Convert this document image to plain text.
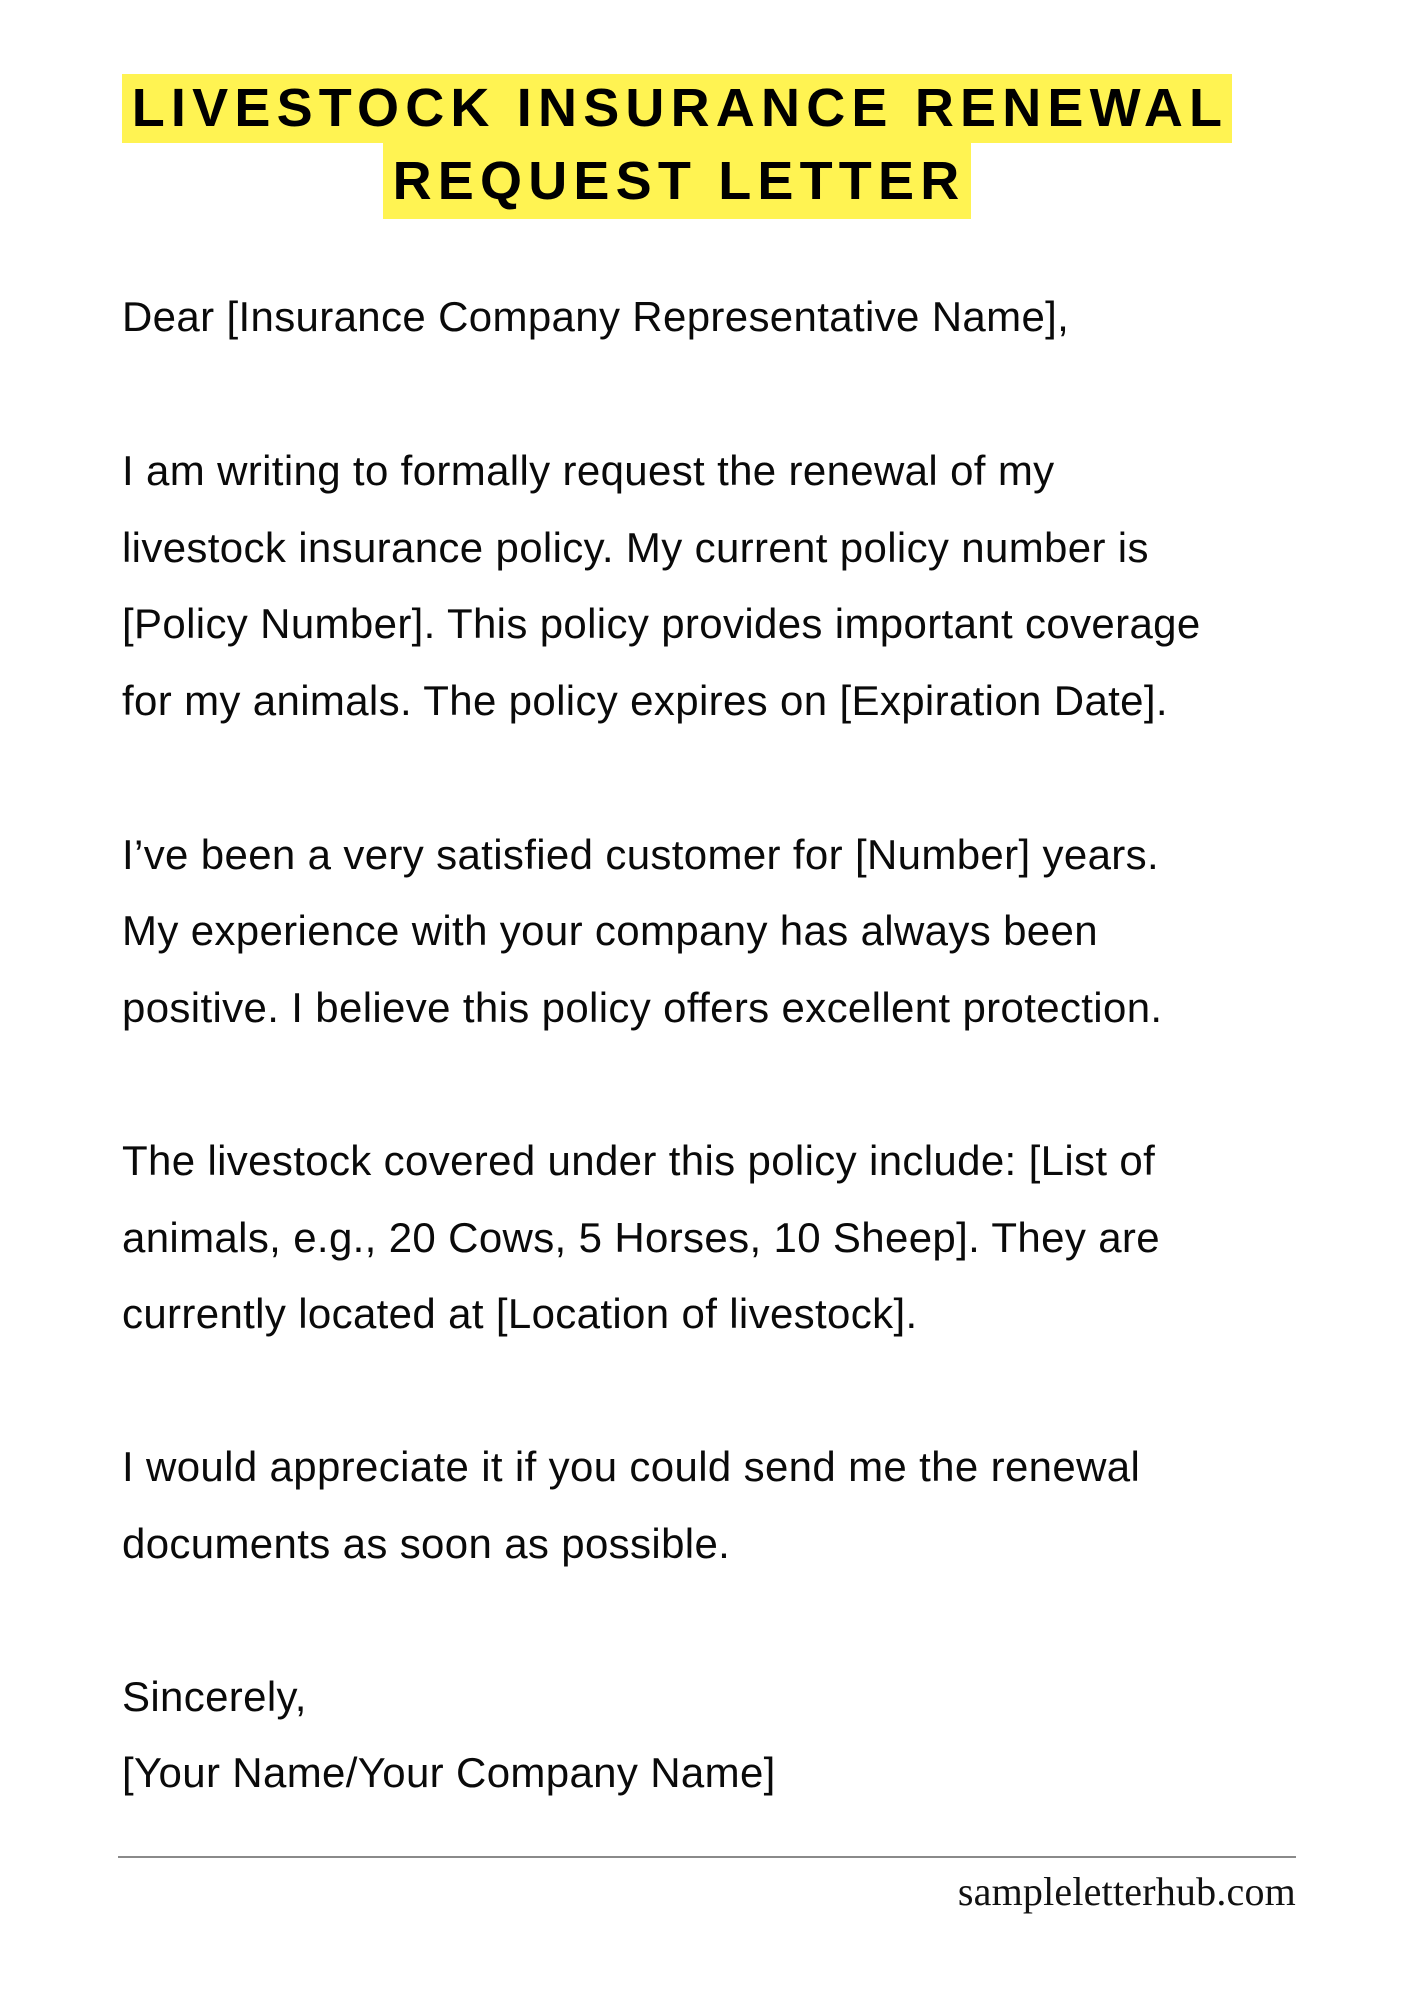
LIVESTOCK INSURANCE RENEWAL
REQUEST LETTER
Dear [Insurance Company Representative Name],
I am writing to formally request the renewal of my
livestock insurance policy. My current policy number is
[Policy Number]. This policy provides important coverage
for my animals. The policy expires on [Expiration Date].
I’ve been a very satisfied customer for [Number] years.
My experience with your company has always been
positive. I believe this policy offers excellent protection.
The livestock covered under this policy include: [List of
animals, e.g., 20 Cows, 5 Horses, 10 Sheep]. They are
currently located at [Location of livestock].
I would appreciate it if you could send me the renewal
documents as soon as possible.
Sincerely,
[Your Name/Your Company Name]
sampleletterhub.com
